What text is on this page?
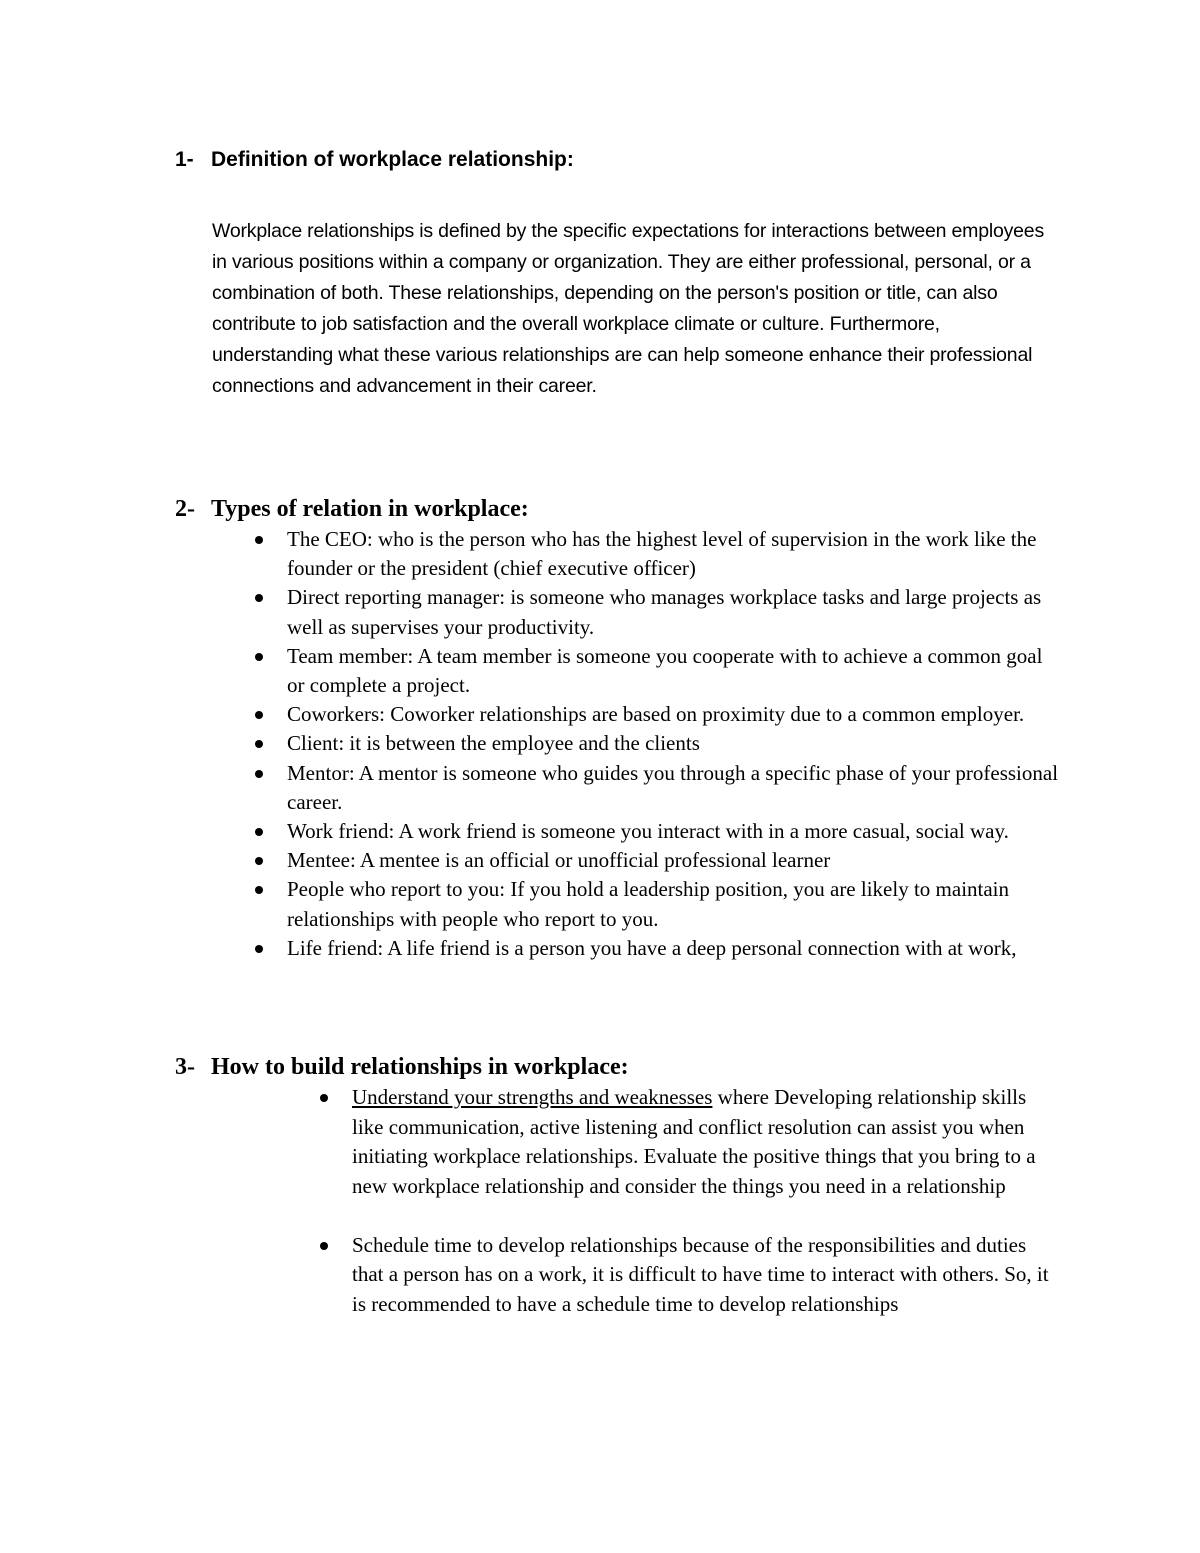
1- Definition of workplace relationship:
Workplace relationships is defined by the specific expectations for interactions between employees in various positions within a company or organization. They are either professional, personal, or a combination of both. These relationships, depending on the person's position or title, can also contribute to job satisfaction and the overall workplace climate or culture. Furthermore, understanding what these various relationships are can help someone enhance their professional connections and advancement in their career.
2- Types of relation in workplace:
The CEO: who is the person who has the highest level of supervision in the work like the founder or the president (chief executive officer)
Direct reporting manager: is someone who manages workplace tasks and large projects as well as supervises your productivity.
Team member: A team member is someone you cooperate with to achieve a common goal or complete a project.
Coworkers: Coworker relationships are based on proximity due to a common employer.
Client: it is between the employee and the clients
Mentor: A mentor is someone who guides you through a specific phase of your professional career.
Work friend: A work friend is someone you interact with in a more casual, social way.
Mentee: A mentee is an official or unofficial professional learner
People who report to you: If you hold a leadership position, you are likely to maintain relationships with people who report to you.
Life friend: A life friend is a person you have a deep personal connection with at work,
3- How to build relationships in workplace:
Understand your strengths and weaknesses where Developing relationship skills like communication, active listening and conflict resolution can assist you when initiating workplace relationships. Evaluate the positive things that you bring to a new workplace relationship and consider the things you need in a relationship
Schedule time to develop relationships because of the responsibilities and duties that a person has on a work, it is difficult to have time to interact with others. So, it is recommended to have a schedule time to develop relationships
